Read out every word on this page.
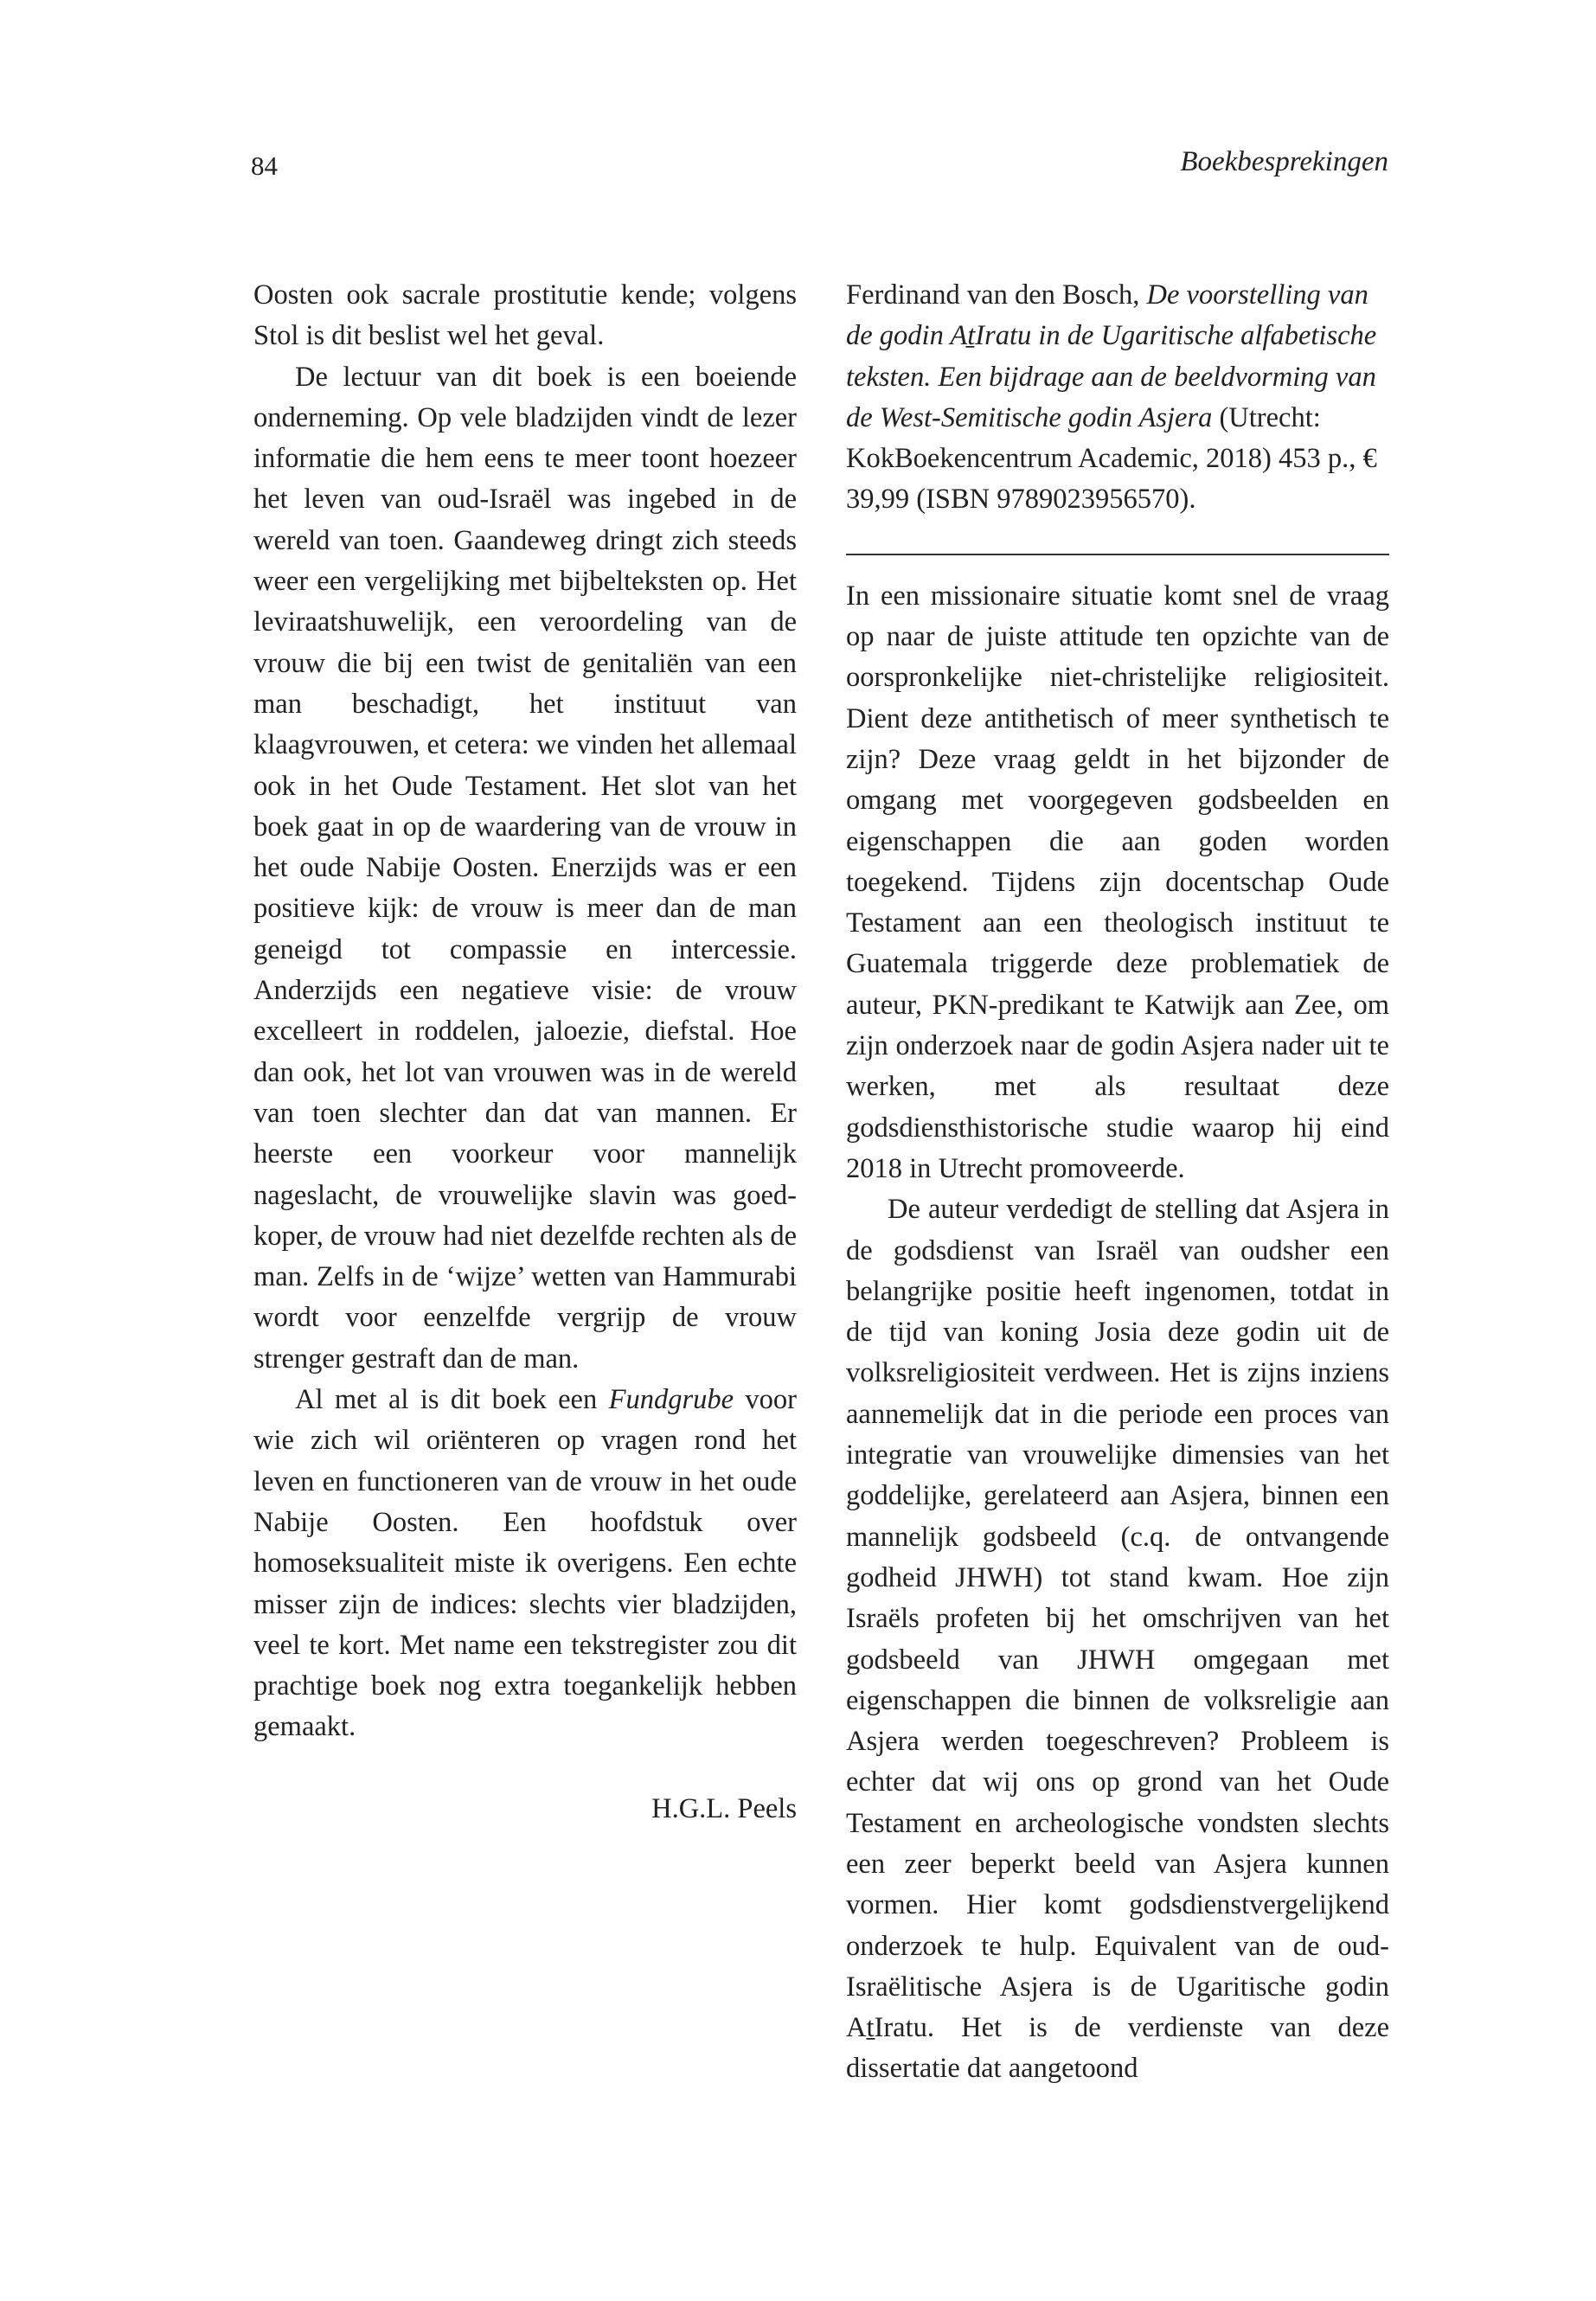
84	Boekbesprekingen

Oosten ook sacrale prostitutie kende; volgens Stol is dit beslist wel het geval.

De lectuur van dit boek is een boeiende onderneming. Op vele bladzijden vindt de lezer informatie die hem eens te meer toont hoezeer het leven van oud-Israël was ingebed in de wereld van toen. Gaandeweg dringt zich steeds weer een vergelijking met bijbelteksten op. Het leviraatshuwelijk, een veroordeling van de vrouw die bij een twist de genitaliën van een man beschadigt, het instituut van klaagvrouwen, et cetera: we vinden het allemaal ook in het Oude Testament. Het slot van het boek gaat in op de waardering van de vrouw in het oude Nabije Oosten. Enerzijds was er een positieve kijk: de vrouw is meer dan de man geneigd tot compassie en intercessie. Anderzijds een negatieve visie: de vrouw excelleert in roddelen, jaloezie, diefstal. Hoe dan ook, het lot van vrouwen was in de wereld van toen slechter dan dat van mannen. Er heerste een voorkeur voor mannelijk nageslacht, de vrouwelijke slavin was goedkoper, de vrouw had niet dezelfde rechten als de man. Zelfs in de ‘wijze’ wetten van Hammurabi wordt voor eenzelfde vergrijp de vrouw strenger gestraft dan de man.

Al met al is dit boek een Fundgrube voor wie zich wil oriënteren op vragen rond het leven en functioneren van de vrouw in het oude Nabije Oosten. Een hoofdstuk over homoseksualiteit miste ik overigens. Een echte misser zijn de indices: slechts vier bladzijden, veel te kort. Met name een tekstregister zou dit prachtige boek nog extra toegankelijk hebben gemaakt.

H.G.L. Peels

Ferdinand van den Bosch, De voorstelling van de godin AṯIratu in de Ugaritische alfabetische teksten. Een bijdrage aan de beeldvorming van de West-Semitische godin Asjera (Utrecht: KokBoekencentrum Academic, 2018) 453 p., € 39,99 (ISBN 9789023956570).

In een missionaire situatie komt snel de vraag op naar de juiste attitude ten opzichte van de oorspronkelijke niet-christelijke religiositeit. Dient deze antithetisch of meer synthetisch te zijn? Deze vraag geldt in het bijzonder de omgang met voorgegeven godsbeelden en eigenschappen die aan goden worden toegekend. Tijdens zijn docentschap Oude Testament aan een theologisch instituut te Guatemala triggerde deze problematiek de auteur, PKN-predikant te Katwijk aan Zee, om zijn onderzoek naar de godin Asjera nader uit te werken, met als resultaat deze godsdiensthistorische studie waarop hij eind 2018 in Utrecht promoveerde.

De auteur verdedigt de stelling dat Asjera in de godsdienst van Israël van oudsher een belangrijke positie heeft ingenomen, totdat in de tijd van koning Josia deze godin uit de volksreligiositeit verdween. Het is zijns inziens aannemelijk dat in die periode een proces van integratie van vrouwelijke dimensies van het goddelijke, gerelateerd aan Asjera, binnen een mannelijk godsbeeld (c.q. de ontvangende godheid JHWH) tot stand kwam. Hoe zijn Israëls profeten bij het omschrijven van het godsbeeld van JHWH omgegaan met eigenschappen die binnen de volksreligie aan Asjera werden toegeschreven? Probleem is echter dat wij ons op grond van het Oude Testament en archeologische vondsten slechts een zeer beperkt beeld van Asjera kunnen vormen. Hier komt godsdienstvergelijkend onderzoek te hulp. Equivalent van de oud-Israëlitische Asjera is de Ugaritische godin AṯIratu. Het is de verdienste van deze dissertatie dat aangetoond
